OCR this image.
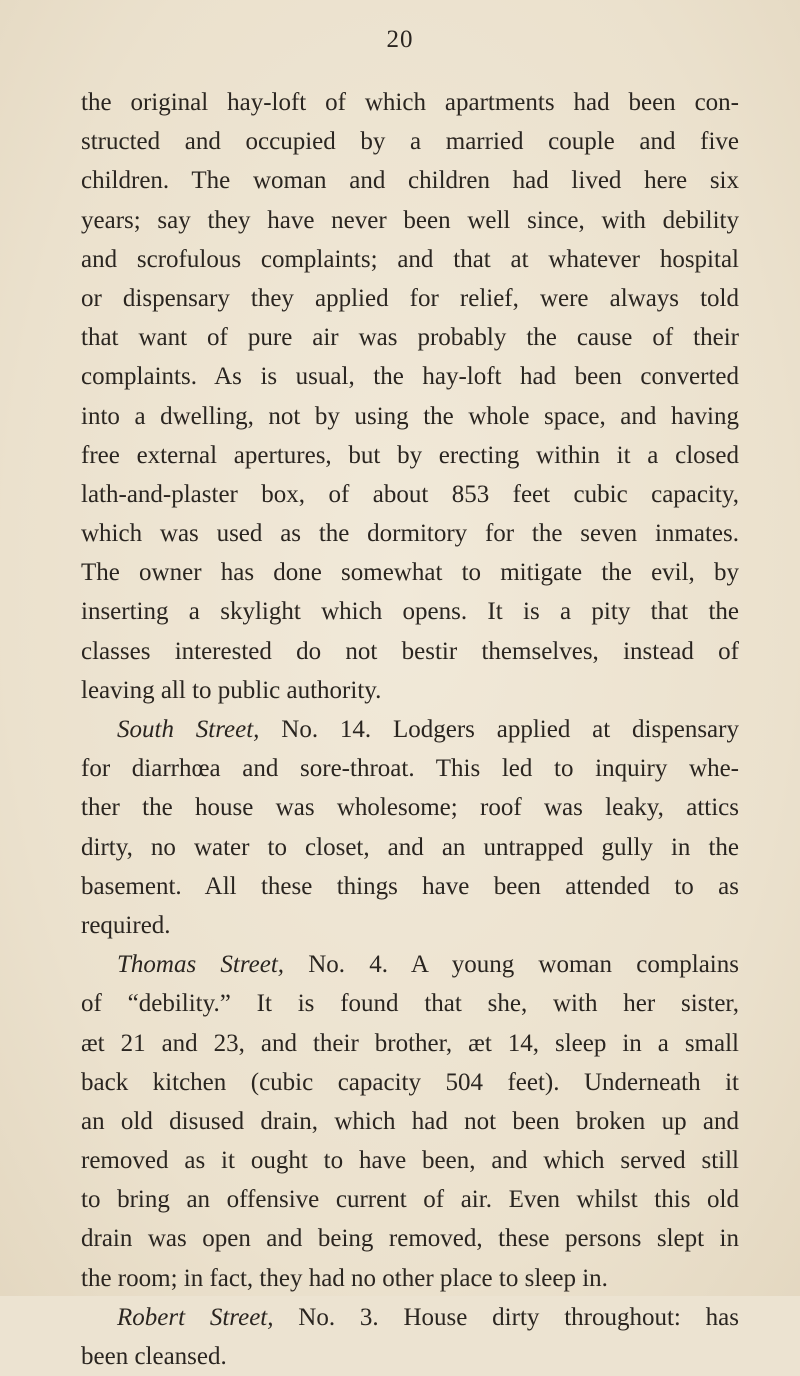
20
the original hay-loft of which apartments had been con-
structed and occupied by a married couple and five
children. The woman and children had lived here six
years; say they have never been well since, with debility
and scrofulous complaints; and that at whatever hospital
or dispensary they applied for relief, were always told
that want of pure air was probably the cause of their
complaints. As is usual, the hay-loft had been converted
into a dwelling, not by using the whole space, and having
free external apertures, but by erecting within it a closed
lath-and-plaster box, of about 853 feet cubic capacity,
which was used as the dormitory for the seven inmates.
The owner has done somewhat to mitigate the evil, by
inserting a skylight which opens. It is a pity that the
classes interested do not bestir themselves, instead of
leaving all to public authority.
South Street, No. 14. Lodgers applied at dispensary
for diarrhœa and sore-throat. This led to inquiry whe-
ther the house was wholesome; roof was leaky, attics
dirty, no water to closet, and an untrapped gully in the
basement. All these things have been attended to as
required.
Thomas Street, No. 4. A young woman complains
of “debility.” It is found that she, with her sister,
æt 21 and 23, and their brother, æt 14, sleep in a small
back kitchen (cubic capacity 504 feet). Underneath it
an old disused drain, which had not been broken up and
removed as it ought to have been, and which served still
to bring an offensive current of air. Even whilst this old
drain was open and being removed, these persons slept in
the room; in fact, they had no other place to sleep in.
Robert Street, No. 3. House dirty throughout: has
been cleansed.
